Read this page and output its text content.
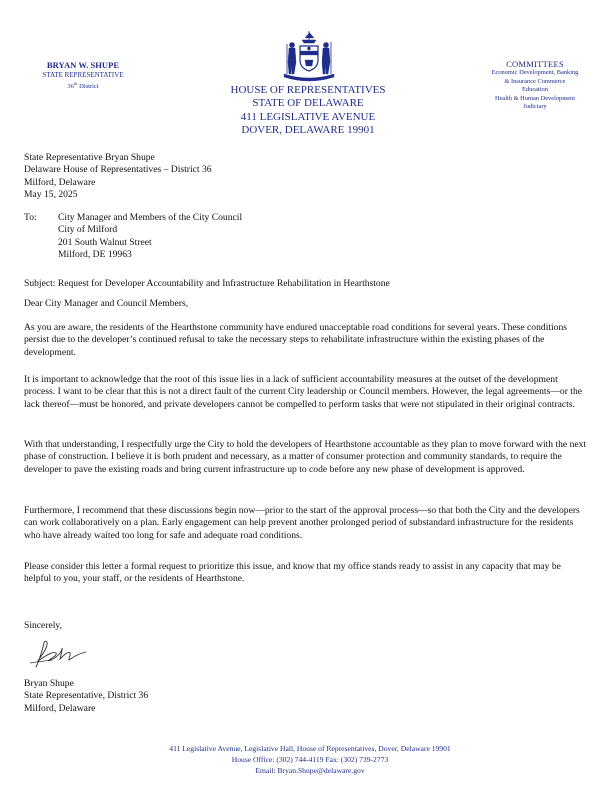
BRYAN W. SHUPE
STATE REPRESENTATIVE
36th District	HOUSE OF REPRESENTATIVES
STATE OF DELAWARE
411 LEGISLATIVE AVENUE
DOVER, DELAWARE 19901
COMMITTEES
Economic Development, Banking
& Insurance Commerce
Education
Health & Human Development
Judiciary
State Representative Bryan Shupe
Delaware House of Representatives – District 36
Milford, Delaware
May 15, 2025
To: City Manager and Members of the City Council
City of Milford
201 South Walnut Street
Milford, DE 19963
Subject: Request for Developer Accountability and Infrastructure Rehabilitation in Hearthstone
Dear City Manager and Council Members,

As you are aware, the residents of the Hearthstone community have endured unacceptable road conditions for several years. These conditions persist due to the developer’s continued refusal to take the necessary steps to rehabilitate infrastructure within the existing phases of the development.

It is important to acknowledge that the root of this issue lies in a lack of sufficient accountability measures at the outset of the development process. I want to be clear that this is not a direct fault of the current City leadership or Council members. However, the legal agreements—or the lack thereof—must be honored, and private developers cannot be compelled to perform tasks that were not stipulated in their original contracts.

With that understanding, I respectfully urge the City to hold the developers of Hearthstone accountable as they plan to move forward with the next phase of construction. I believe it is both prudent and necessary, as a matter of consumer protection and community standards, to require the developer to pave the existing roads and bring current infrastructure up to code before any new phase of development is approved.

Furthermore, I recommend that these discussions begin now—prior to the start of the approval process—so that both the City and the developers can work collaboratively on a plan. Early engagement can help prevent another prolonged period of substandard infrastructure for the residents who have already waited too long for safe and adequate road conditions.

Please consider this letter a formal request to prioritize this issue, and know that my office stands ready to assist in any capacity that may be helpful to you, your staff, or the residents of Hearthstone.

Sincerely,
Bryan Shupe
State Representative, District 36
Milford, Delaware
411 Legislative Avenue, Legislative Hall, House of Representatives, Dover, Delaware 19901
House Office: (302) 744-4119 Fax: (302) 739-2773
Email: Bryan.Shupe@delaware.gov
